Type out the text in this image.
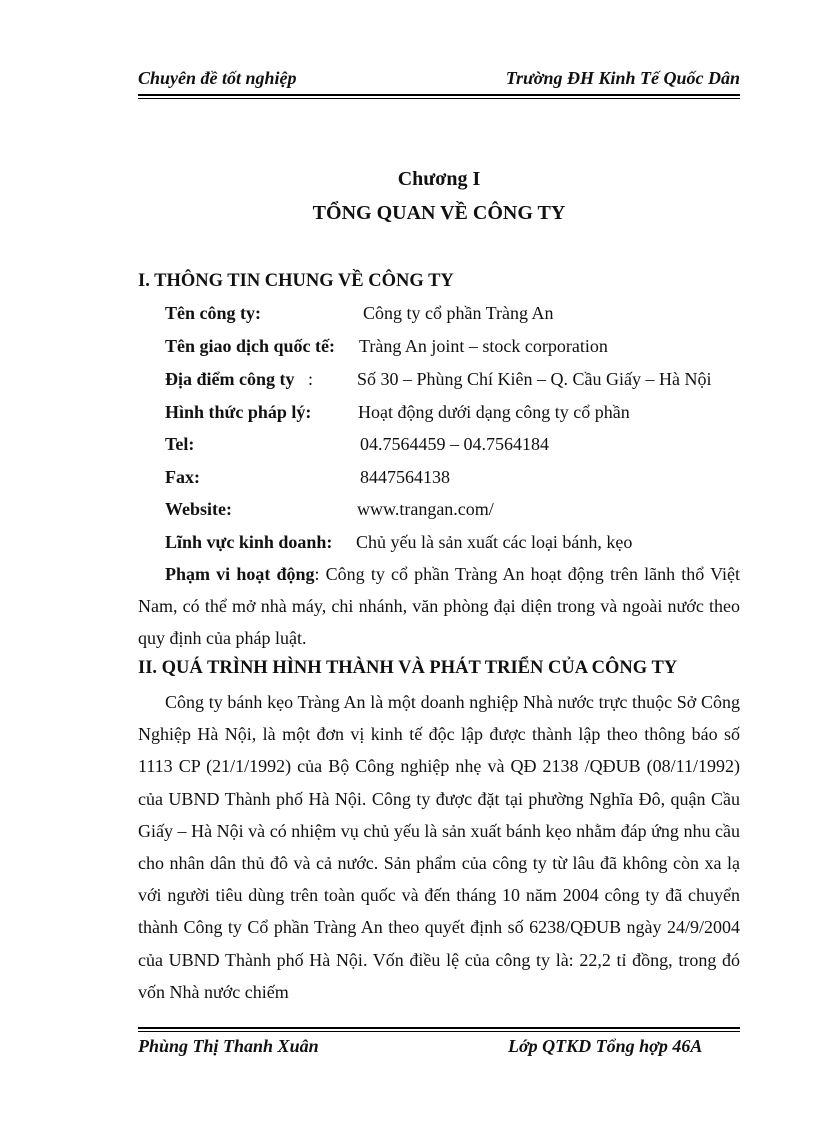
Chuyên đề tốt nghiệp	Trường ĐH Kinh Tế Quốc Dân
Chương I
TỔNG QUAN VỀ CÔNG TY
I. THÔNG TIN CHUNG VỀ CÔNG TY
Tên công ty:	Công ty cổ phần Tràng An
Tên giao dịch quốc tế: Tràng An joint – stock corporation
Địa điểm công ty : Số 30 – Phùng Chí Kiên – Q. Cầu Giấy – Hà Nội
Hình thức pháp lý:	Hoạt động dưới dạng công ty cổ phần
Tel:	04.7564459 – 04.7564184
Fax:	8447564138
Website:	www.trangan.com/
Lĩnh vực kinh doanh: Chủ yếu là sản xuất các loại bánh, kẹo
Phạm vi hoạt động: Công ty cổ phần Tràng An hoạt động trên lãnh thổ Việt Nam, có thể mở nhà máy, chi nhánh, văn phòng đại diện trong và ngoài nước theo quy định của pháp luật.
II. QUÁ TRÌNH HÌNH THÀNH VÀ PHÁT TRIỂN CỦA CÔNG TY
Công ty bánh kẹo Tràng An là một doanh nghiệp Nhà nước trực thuộc Sở Công Nghiệp Hà Nội, là một đơn vị kinh tế độc lập được thành lập theo thông báo số 1113 CP (21/1/1992) của Bộ Công nghiệp nhẹ và QĐ 2138 /QĐUB (08/11/1992) của UBND Thành phố Hà Nội. Công ty được đặt tại phường Nghĩa Đô, quận Cầu Giấy – Hà Nội và có nhiệm vụ chủ yếu là sản xuất bánh kẹo nhằm đáp ứng nhu cầu cho nhân dân thủ đô và cả nước. Sản phẩm của công ty từ lâu đã không còn xa lạ với người tiêu dùng trên toàn quốc và đến tháng 10 năm 2004 công ty đã chuyển thành Công ty Cổ phần Tràng An theo quyết định số 6238/QĐUB ngày 24/9/2004 của UBND Thành phố Hà Nội. Vốn điều lệ của công ty là: 22,2 tỉ đồng, trong đó vốn Nhà nước chiếm
Phùng Thị Thanh Xuân	Lớp QTKD Tổng hợp 46A
